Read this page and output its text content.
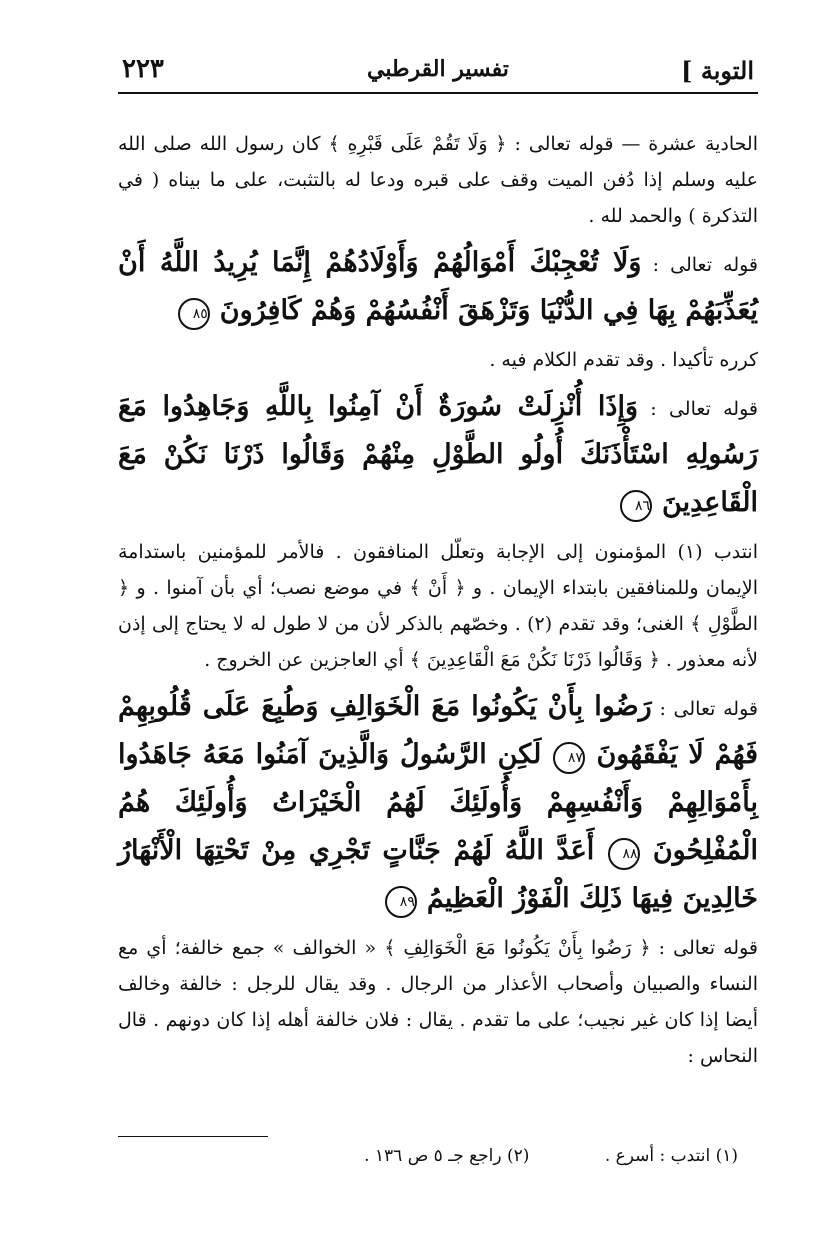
التوبة ]
تفسير القرطبي
٢٢٣

الحادية عشرة — قوله تعالى : ﴿ وَلَا تَقُمْ عَلَى قَبْرِهِ ﴾ كان رسول الله صلى الله عليه وسلم إذا دُفن الميت وقف على قبره ودعا له بالتثبت، على ما بيناه ( في التذكرة ) والحمد لله .

قوله تعالى : وَلَا تُعْجِبْكَ أَمْوَالُهُمْ وَأَوْلَادُهُمْ إِنَّمَا يُرِيدُ اللَّهُ أَنْ يُعَذِّبَهُمْ بِهَا فِي الدُّنْيَا وَتَزْهَقَ أَنْفُسُهُمْ وَهُمْ كَافِرُونَ ٨٥

كرره تأكيدا . وقد تقدم الكلام فيه .

قوله تعالى : وَإِذَا أُنْزِلَتْ سُورَةٌ أَنْ آمِنُوا بِاللَّهِ وَجَاهِدُوا مَعَ رَسُولِهِ اسْتَأْذَنَكَ أُولُو الطَّوْلِ مِنْهُمْ وَقَالُوا ذَرْنَا نَكُنْ مَعَ الْقَاعِدِينَ ٨٦

انتدب (١) المؤمنون إلى الإجابة وتعلّل المنافقون . فالأمر للمؤمنين باستدامة الإيمان وللمنافقين بابتداء الإيمان . و ﴿ أَنْ ﴾ في موضع نصب؛ أي بأن آمنوا . و ﴿ الطَّوْلِ ﴾ الغنى؛ وقد تقدم (٢) . وخصّهم بالذكر لأن من لا طول له لا يحتاج إلى إذن لأنه معذور . ﴿ وَقَالُوا ذَرْنَا نَكُنْ مَعَ الْقَاعِدِينَ ﴾ أي العاجزين عن الخروج .

قوله تعالى : رَضُوا بِأَنْ يَكُونُوا مَعَ الْخَوَالِفِ وَطُبِعَ عَلَى قُلُوبِهِمْ فَهُمْ لَا يَفْقَهُونَ ٨٧ لَكِنِ الرَّسُولُ وَالَّذِينَ آمَنُوا مَعَهُ جَاهَدُوا بِأَمْوَالِهِمْ وَأَنْفُسِهِمْ وَأُولَئِكَ لَهُمُ الْخَيْرَاتُ وَأُولَئِكَ هُمُ الْمُفْلِحُونَ ٨٨ أَعَدَّ اللَّهُ لَهُمْ جَنَّاتٍ تَجْرِي مِنْ تَحْتِهَا الْأَنْهَارُ خَالِدِينَ فِيهَا ذَلِكَ الْفَوْزُ الْعَظِيمُ ٨٩

قوله تعالى : ﴿ رَضُوا بِأَنْ يَكُونُوا مَعَ الْخَوَالِفِ ﴾ « الخوالف » جمع خالفة؛ أي مع النساء والصبيان وأصحاب الأعذار من الرجال . وقد يقال للرجل : خالفة وخالف أيضا إذا كان غير نجيب؛ على ما تقدم . يقال : فلان خالفة أهله إذا كان دونهم . قال النحاس :

(١) انتدب : أسرع . (٢) راجع جـ ٥ ص ١٣٦ .
